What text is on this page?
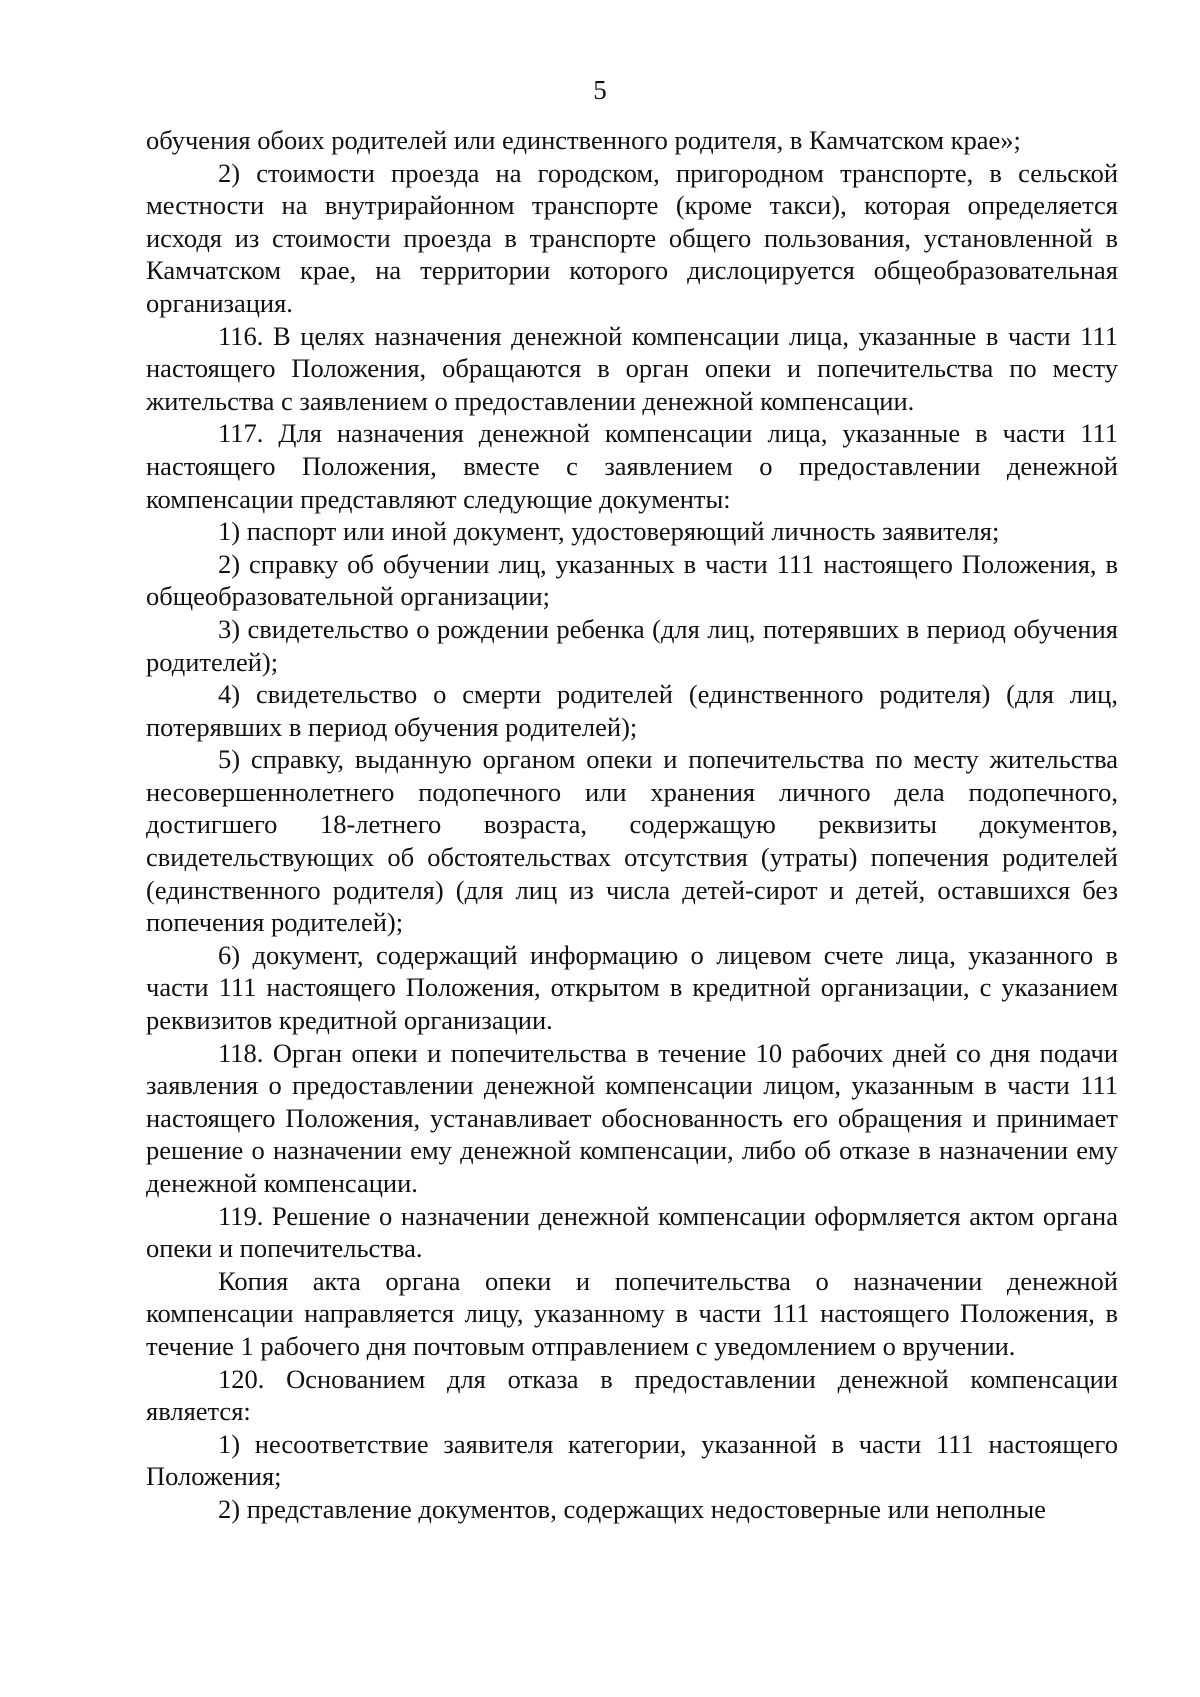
5

обучения обоих родителей или единственного родителя, в Камчатском крае»;

2) стоимости проезда на городском, пригородном транспорте, в сельской местности на внутрирайонном транспорте (кроме такси), которая определяется исходя из стоимости проезда в транспорте общего пользования, установленной в Камчатском крае, на территории которого дислоцируется общеобразовательная организация.

116. В целях назначения денежной компенсации лица, указанные в части 111 настоящего Положения, обращаются в орган опеки и попечительства по месту жительства с заявлением о предоставлении денежной компенсации.

117. Для назначения денежной компенсации лица, указанные в части 111 настоящего Положения, вместе с заявлением о предоставлении денежной компенсации представляют следующие документы:

1) паспорт или иной документ, удостоверяющий личность заявителя;

2) справку об обучении лиц, указанных в части 111 настоящего Положения, в общеобразовательной организации;

3) свидетельство о рождении ребенка (для лиц, потерявших в период обучения родителей);

4) свидетельство о смерти родителей (единственного родителя) (для лиц, потерявших в период обучения родителей);

5) справку, выданную органом опеки и попечительства по месту жительства несовершеннолетнего подопечного или хранения личного дела подопечного, достигшего 18-летнего возраста, содержащую реквизиты документов, свидетельствующих об обстоятельствах отсутствия (утраты) попечения родителей (единственного родителя) (для лиц из числа детей-сирот и детей, оставшихся без попечения родителей);

6) документ, содержащий информацию о лицевом счете лица, указанного в части 111 настоящего Положения, открытом в кредитной организации, с указанием реквизитов кредитной организации.

118. Орган опеки и попечительства в течение 10 рабочих дней со дня подачи заявления о предоставлении денежной компенсации лицом, указанным в части 111 настоящего Положения, устанавливает обоснованность его обращения и принимает решение о назначении ему денежной компенсации, либо об отказе в назначении ему денежной компенсации.

119. Решение о назначении денежной компенсации оформляется актом органа опеки и попечительства.

Копия акта органа опеки и попечительства о назначении денежной компенсации направляется лицу, указанному в части 111 настоящего Положения, в течение 1 рабочего дня почтовым отправлением с уведомлением о вручении.

120. Основанием для отказа в предоставлении денежной компенсации является:

1) несоответствие заявителя категории, указанной в части 111 настоящего Положения;

2) представление документов, содержащих недостоверные или неполные
